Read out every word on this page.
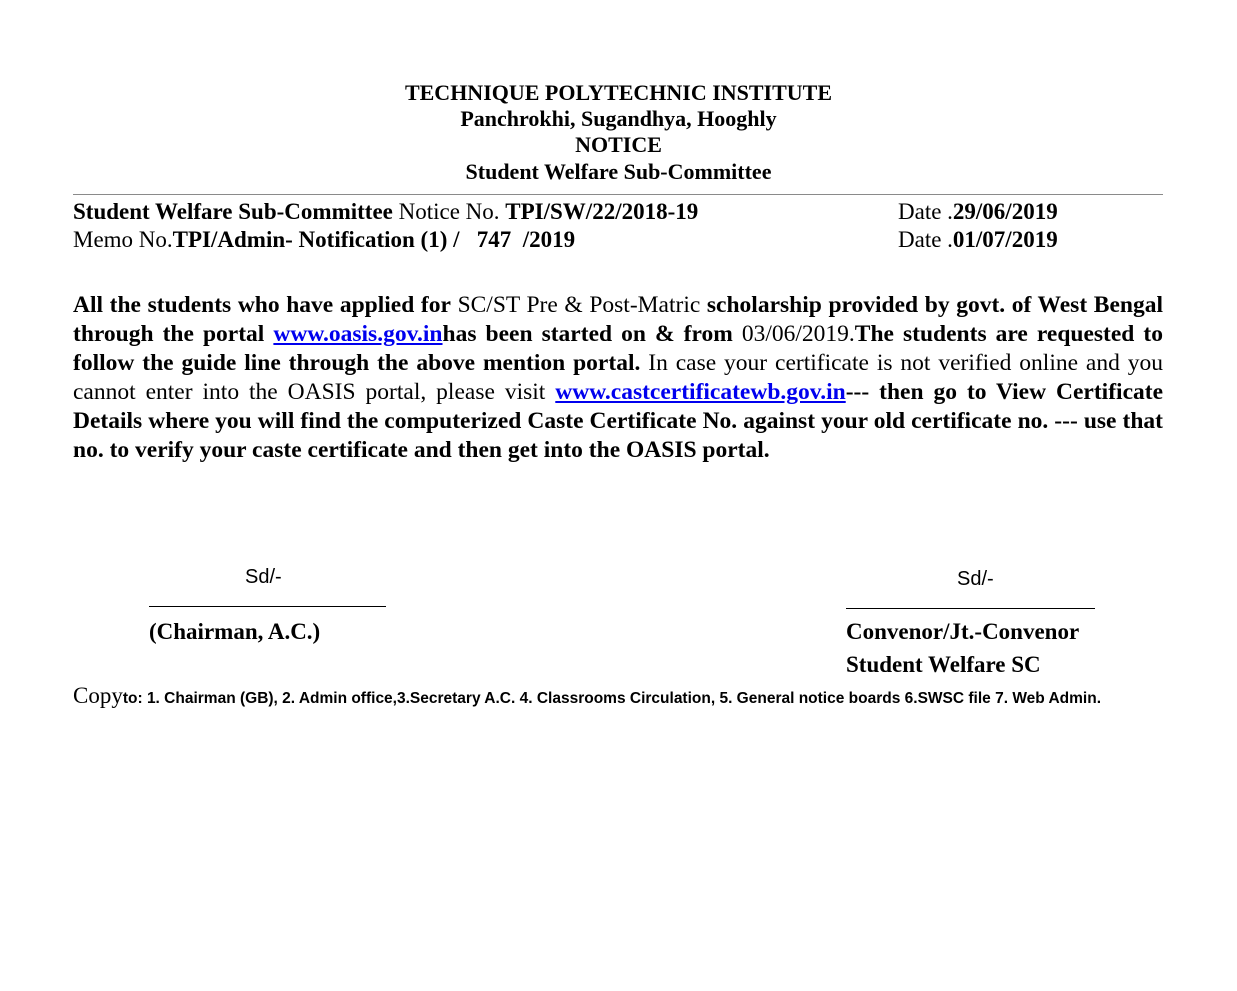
TECHNIQUE POLYTECHNIC INSTITUTE
Panchrokhi, Sugandhya, Hooghly
NOTICE
Student Welfare Sub-Committee
Student Welfare Sub-Committee Notice No. TPI/SW/22/2018-19	Date .29/06/2019
Memo No.TPI/Admin- Notification (1) /   747  /2019	Date .01/07/2019

All the students who have applied for SC/ST Pre & Post-Matric scholarship provided by govt. of West Bengal through the portal www.oasis.gov.inhas been started on & from 03/06/2019.The students are requested to follow the guide line through the above mention portal. In case your certificate is not verified online and you cannot enter into the OASIS portal, please visit www.castcertificatewb.gov.in--- then go to View Certificate Details where you will find the computerized Caste Certificate No. against your old certificate no. --- use that no. to verify your caste certificate and then get into the OASIS portal.

Sd/-
(Chairman, A.C.)
Sd/-
Convenor/Jt.-Convenor
Student Welfare SC

Copyto: 1. Chairman (GB), 2. Admin office,3.Secretary A.C. 4. Classrooms Circulation, 5. General notice boards 6.SWSC file 7. Web Admin.
